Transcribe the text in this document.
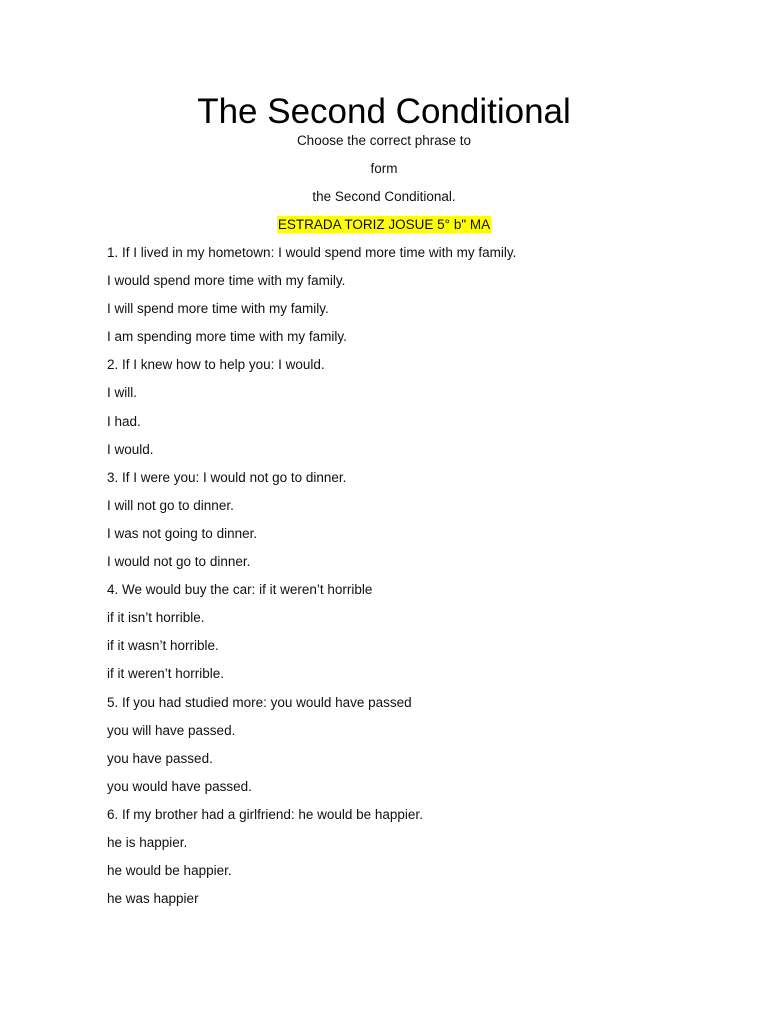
The Second Conditional
Choose the correct phrase to
form
the Second Conditional.
ESTRADA TORIZ JOSUE 5° b" MA
1. If I lived in my hometown: I would spend more time with my family.
I would spend more time with my family.
I will spend more time with my family.
I am spending more time with my family.
2. If I knew how to help you: I would.
I will.
I had.
I would.
3. If I were you: I would not go to dinner.
I will not go to dinner.
I was not going to dinner.
I would not go to dinner.
4. We would buy the car: if it weren’t horrible
if it isn’t horrible.
if it wasn’t horrible.
if it weren’t horrible.
5. If you had studied more: you would have passed
you will have passed.
you have passed.
you would have passed.
6. If my brother had a girlfriend: he would be happier.
he is happier.
he would be happier.
he was happier
